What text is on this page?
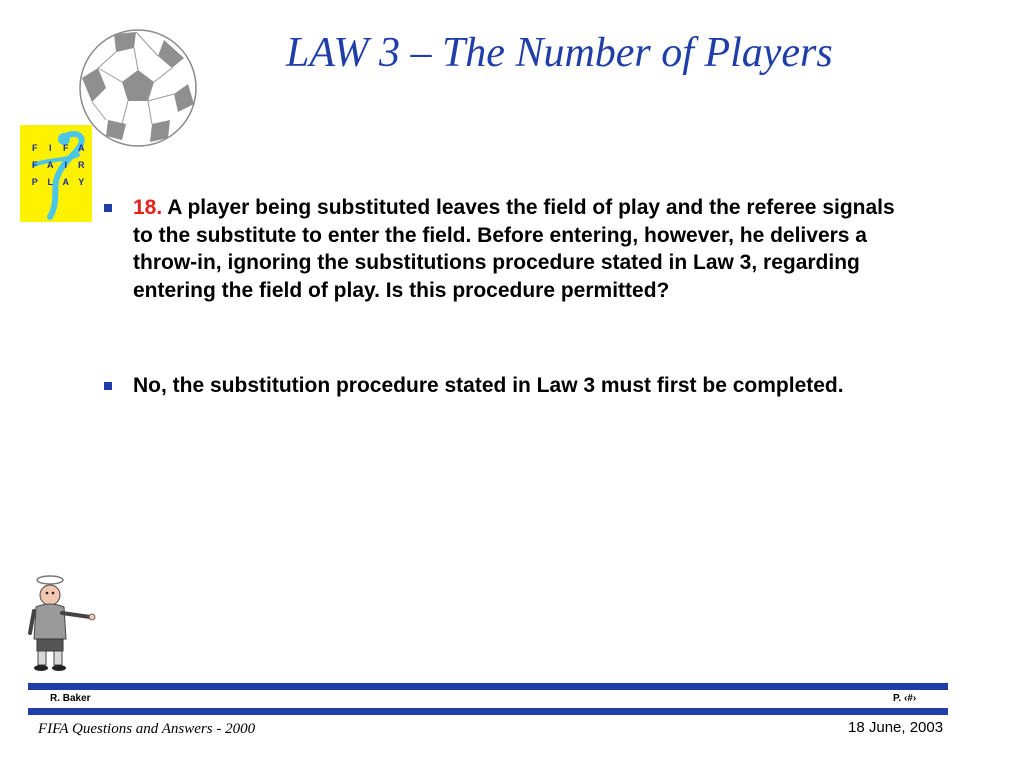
LAW 3 – The Number of Players
F	I	F	A
F	A	I	R
P	L	A	Y
18. A player being substituted leaves the field of play and the referee signals to the substitute to enter the field. Before entering, however, he delivers a throw-in, ignoring the substitutions procedure stated in Law 3, regarding entering the field of play. Is this procedure permitted?
No, the substitution procedure stated in Law 3 must first be completed.
R. Baker	P. ‹#›
FIFA Questions and Answers - 2000	18 June, 2003
